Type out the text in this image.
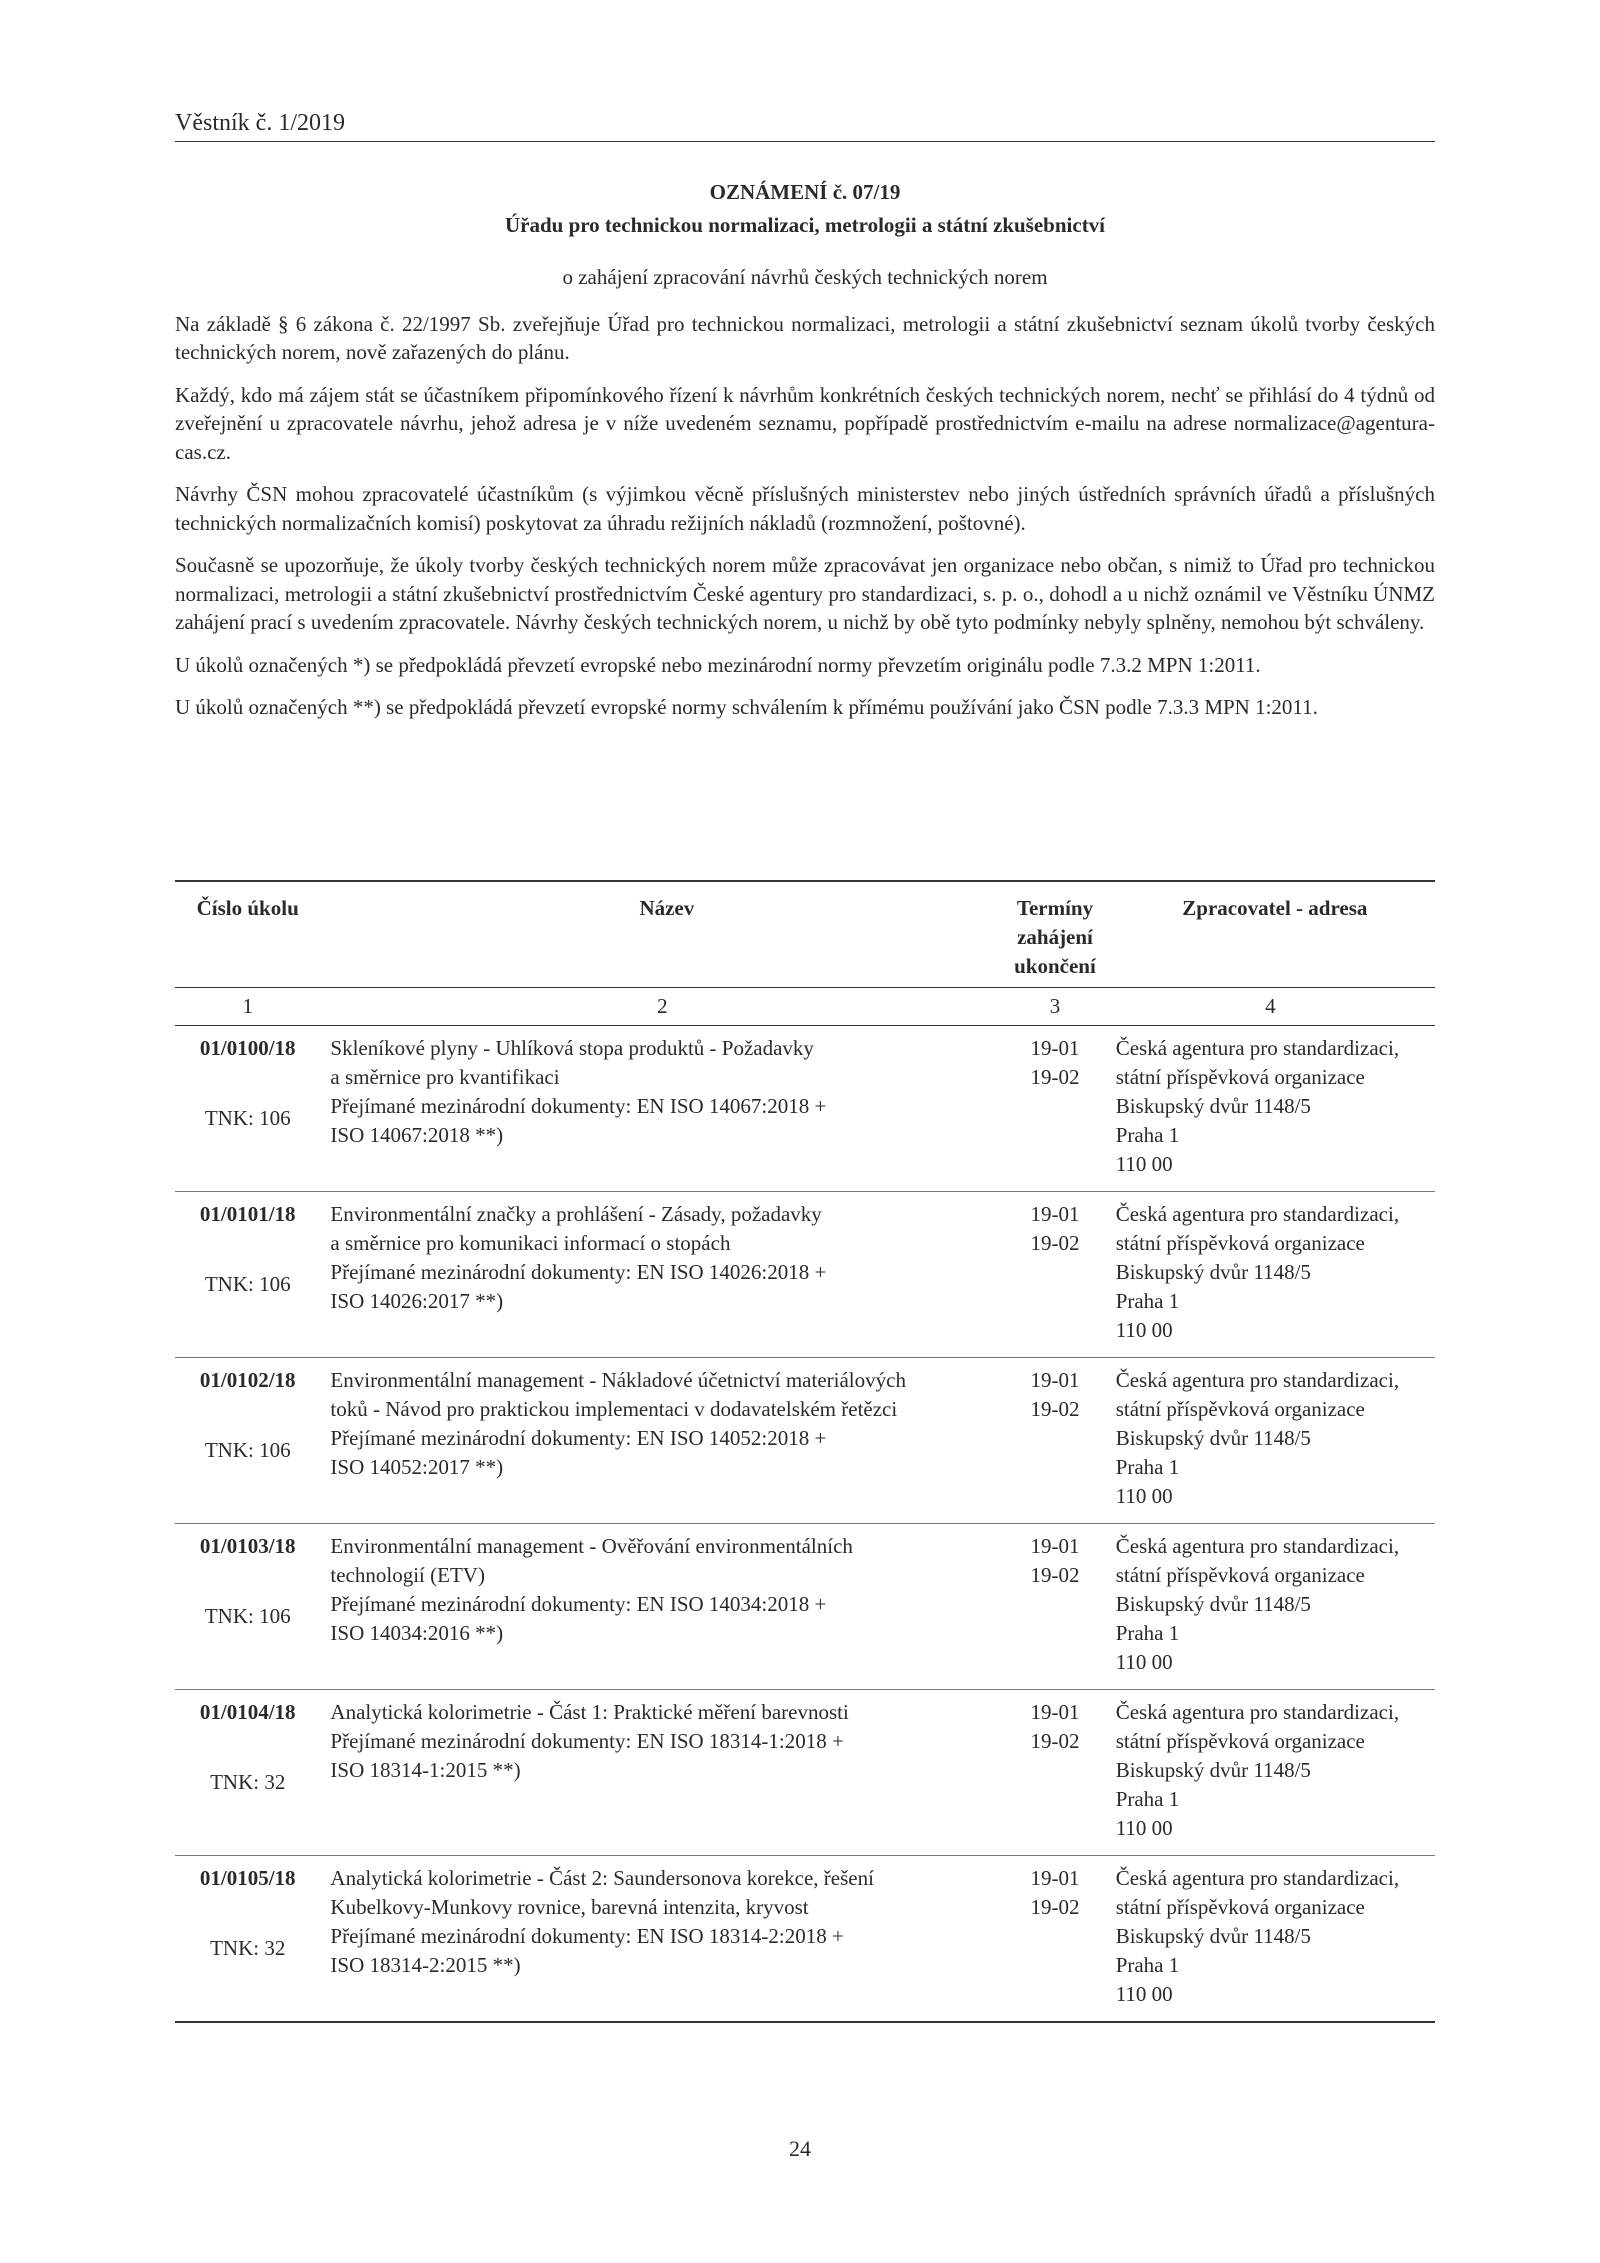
Věstník č. 1/2019
OZNÁMENÍ č. 07/19
Úřadu pro technickou normalizaci, metrologii a státní zkušebnictví
o zahájení zpracování návrhů českých technických norem

Na základě § 6 zákona č. 22/1997 Sb. zveřejňuje Úřad pro technickou normalizaci, metrologii a státní zkušebnictví seznam úkolů tvorby českých technických norem, nově zařazených do plánu.

Každý, kdo má zájem stát se účastníkem připomínkového řízení k návrhům konkrétních českých technických norem, nechť se přihlásí do 4 týdnů od zveřejnění u zpracovatele návrhu, jehož adresa je v níže uvedeném seznamu, popřípadě prostřednictvím e-mailu na adrese normalizace@agentura-cas.cz.

Návrhy ČSN mohou zpracovatelé účastníkům (s výjimkou věcně příslušných ministerstev nebo jiných ústředních správních úřadů a příslušných technických normalizačních komisí) poskytovat za úhradu režijních nákladů (rozmnožení, poštovné).

Současně se upozorňuje, že úkoly tvorby českých technických norem může zpracovávat jen organizace nebo občan, s nimiž to Úřad pro technickou normalizaci, metrologii a státní zkušebnictví prostřednictvím České agentury pro standardizaci, s. p. o., dohodl a u nichž oznámil ve Věstníku ÚNMZ zahájení prací s uvedením zpracovatele. Návrhy českých technických norem, u nichž by obě tyto podmínky nebyly splněny, nemohou být schváleny.

U úkolů označených *) se předpokládá převzetí evropské nebo mezinárodní normy převzetím originálu podle 7.3.2 MPN 1:2011.

U úkolů označených **) se předpokládá převzetí evropské normy schválením k přímému používání jako ČSN podle 7.3.3 MPN 1:2011.

Číslo úkolu	Název	Termíny
zahájení
ukončení	Zpracovatel - adresa
1	2	3	4

01/0100/18
TNK: 106	Skleníkové plyny - Uhlíková stopa produktů - Požadavky
a směrnice pro kvantifikaci
Přejímané mezinárodní dokumenty: EN ISO 14067:2018 +
ISO 14067:2018 **)	19-01
19-02	Česká agentura pro standardizaci,
státní příspěvková organizace
Biskupský dvůr 1148/5
Praha 1
110 00

01/0101/18
TNK: 106	Environmentální značky a prohlášení - Zásady, požadavky
a směrnice pro komunikaci informací o stopách
Přejímané mezinárodní dokumenty: EN ISO 14026:2018 +
ISO 14026:2017 **)	19-01
19-02	Česká agentura pro standardizaci,
státní příspěvková organizace
Biskupský dvůr 1148/5
Praha 1
110 00

01/0102/18
TNK: 106	Environmentální management - Nákladové účetnictví materiálových
toků - Návod pro praktickou implementaci v dodavatelském řetězci
Přejímané mezinárodní dokumenty: EN ISO 14052:2018 +
ISO 14052:2017 **)	19-01
19-02	Česká agentura pro standardizaci,
státní příspěvková organizace
Biskupský dvůr 1148/5
Praha 1
110 00

01/0103/18
TNK: 106	Environmentální management - Ověřování environmentálních
technologií (ETV)
Přejímané mezinárodní dokumenty: EN ISO 14034:2018 +
ISO 14034:2016 **)	19-01
19-02	Česká agentura pro standardizaci,
státní příspěvková organizace
Biskupský dvůr 1148/5
Praha 1
110 00

01/0104/18
TNK: 32	Analytická kolorimetrie - Část 1: Praktické měření barevnosti
Přejímané mezinárodní dokumenty: EN ISO 18314-1:2018 +
ISO 18314-1:2015 **)	19-01
19-02	Česká agentura pro standardizaci,
státní příspěvková organizace
Biskupský dvůr 1148/5
Praha 1
110 00

01/0105/18
TNK: 32	Analytická kolorimetrie - Část 2: Saundersonova korekce, řešení
Kubelkovy-Munkovy rovnice, barevná intenzita, kryvost
Přejímané mezinárodní dokumenty: EN ISO 18314-2:2018 +
ISO 18314-2:2015 **)	19-01
19-02	Česká agentura pro standardizaci,
státní příspěvková organizace
Biskupský dvůr 1148/5
Praha 1
110 00
24
